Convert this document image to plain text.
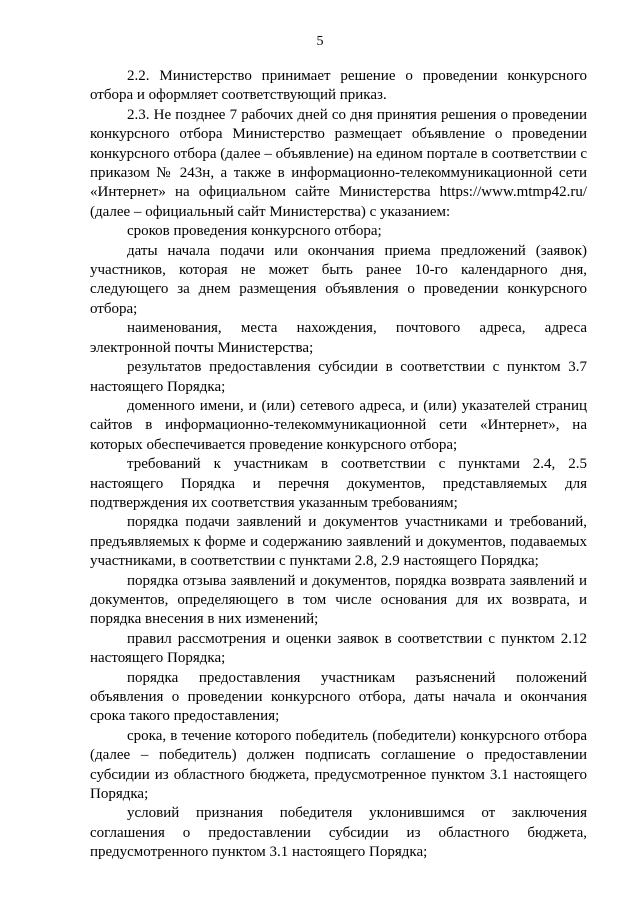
5

2.2. Министерство принимает решение о проведении конкурсного отбора и оформляет соответствующий приказ.

2.3. Не позднее 7 рабочих дней со дня принятия решения о проведении конкурсного отбора Министерство размещает объявление о проведении конкурсного отбора (далее – объявление) на едином портале в соответствии с приказом № 243н, а также в информационно-телекоммуникационной сети «Интернет» на официальном сайте Министерства https://www.mtmp42.ru/ (далее – официальный сайт Министерства) с указанием:

сроков проведения конкурсного отбора;

даты начала подачи или окончания приема предложений (заявок) участников, которая не может быть ранее 10-го календарного дня, следующего за днем размещения объявления о проведении конкурсного отбора;

наименования, места нахождения, почтового адреса, адреса электронной почты Министерства;

результатов предоставления субсидии в соответствии с пунктом 3.7 настоящего Порядка;

доменного имени, и (или) сетевого адреса, и (или) указателей страниц сайтов в информационно-телекоммуникационной сети «Интернет», на которых обеспечивается проведение конкурсного отбора;

требований к участникам в соответствии с пунктами 2.4, 2.5 настоящего Порядка и перечня документов, представляемых для подтверждения их соответствия указанным требованиям;

порядка подачи заявлений и документов участниками и требований, предъявляемых к форме и содержанию заявлений и документов, подаваемых участниками, в соответствии с пунктами 2.8, 2.9 настоящего Порядка;

порядка отзыва заявлений и документов, порядка возврата заявлений и документов, определяющего в том числе основания для их возврата, и порядка внесения в них изменений;

правил рассмотрения и оценки заявок в соответствии с пунктом 2.12 настоящего Порядка;

порядка предоставления участникам разъяснений положений объявления о проведении конкурсного отбора, даты начала и окончания срока такого предоставления;

срока, в течение которого победитель (победители) конкурсного отбора (далее – победитель) должен подписать соглашение о предоставлении субсидии из областного бюджета, предусмотренное пунктом 3.1 настоящего Порядка;

условий признания победителя уклонившимся от заключения соглашения о предоставлении субсидии из областного бюджета, предусмотренного пунктом 3.1 настоящего Порядка;
